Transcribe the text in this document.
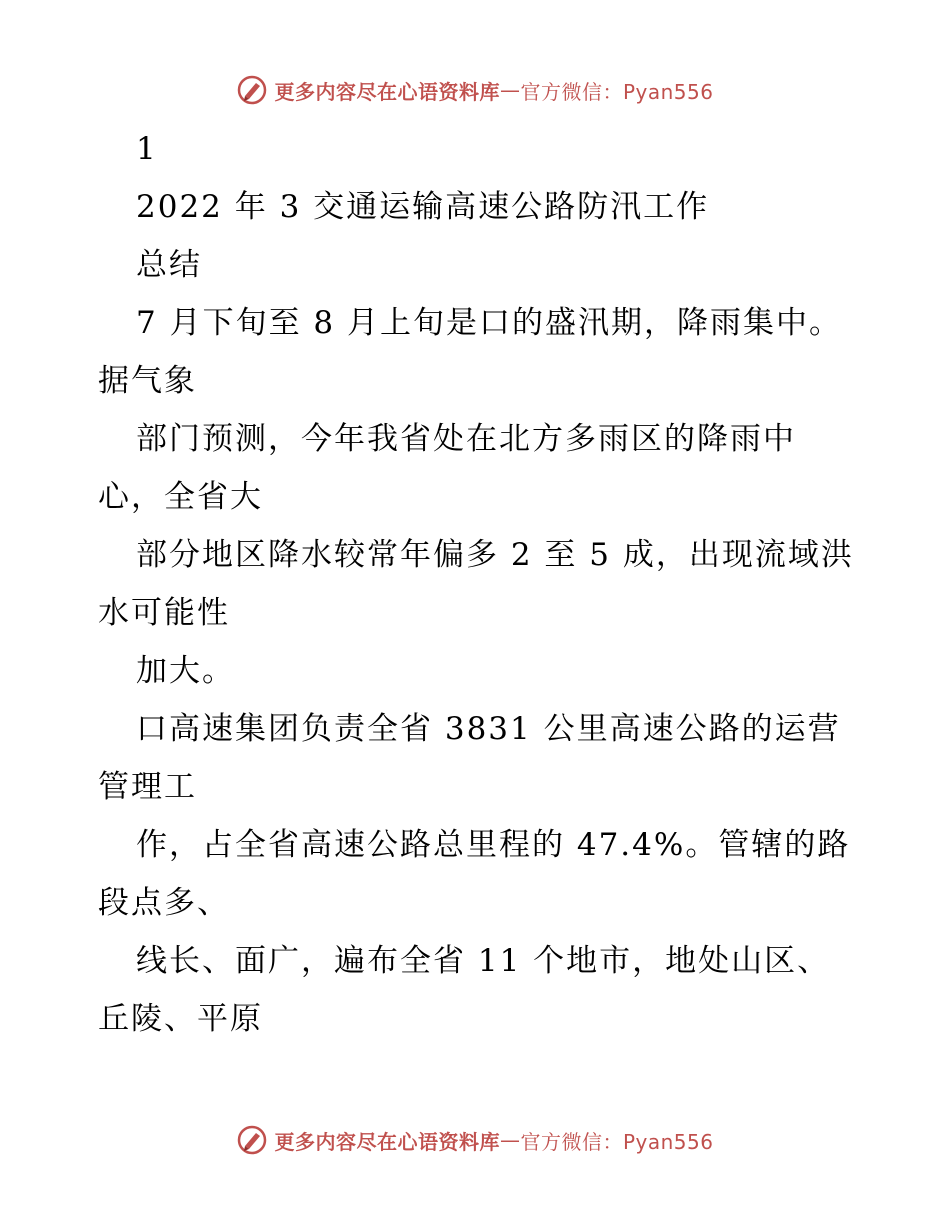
更多内容尽在心语资料库 — 官方微信：Pyan556
1
2022 年 3 交通运输高速公路防汛工作
总结
7 月下旬至 8 月上旬是口的盛汛期，降雨集中。
据气象
部门预测，今年我省处在北方多雨区的降雨中
心，全省大
部分地区降水较常年偏多 2 至 5 成，出现流域洪
水可能性
加大。
口高速集团负责全省 3831 公里高速公路的运营
管理工
作，占全省高速公路总里程的 47.4%。管辖的路
段点多、
线长、面广，遍布全省 11 个地市，地处山区、
丘陵、平原
更多内容尽在心语资料库 — 官方微信：Pyan556
